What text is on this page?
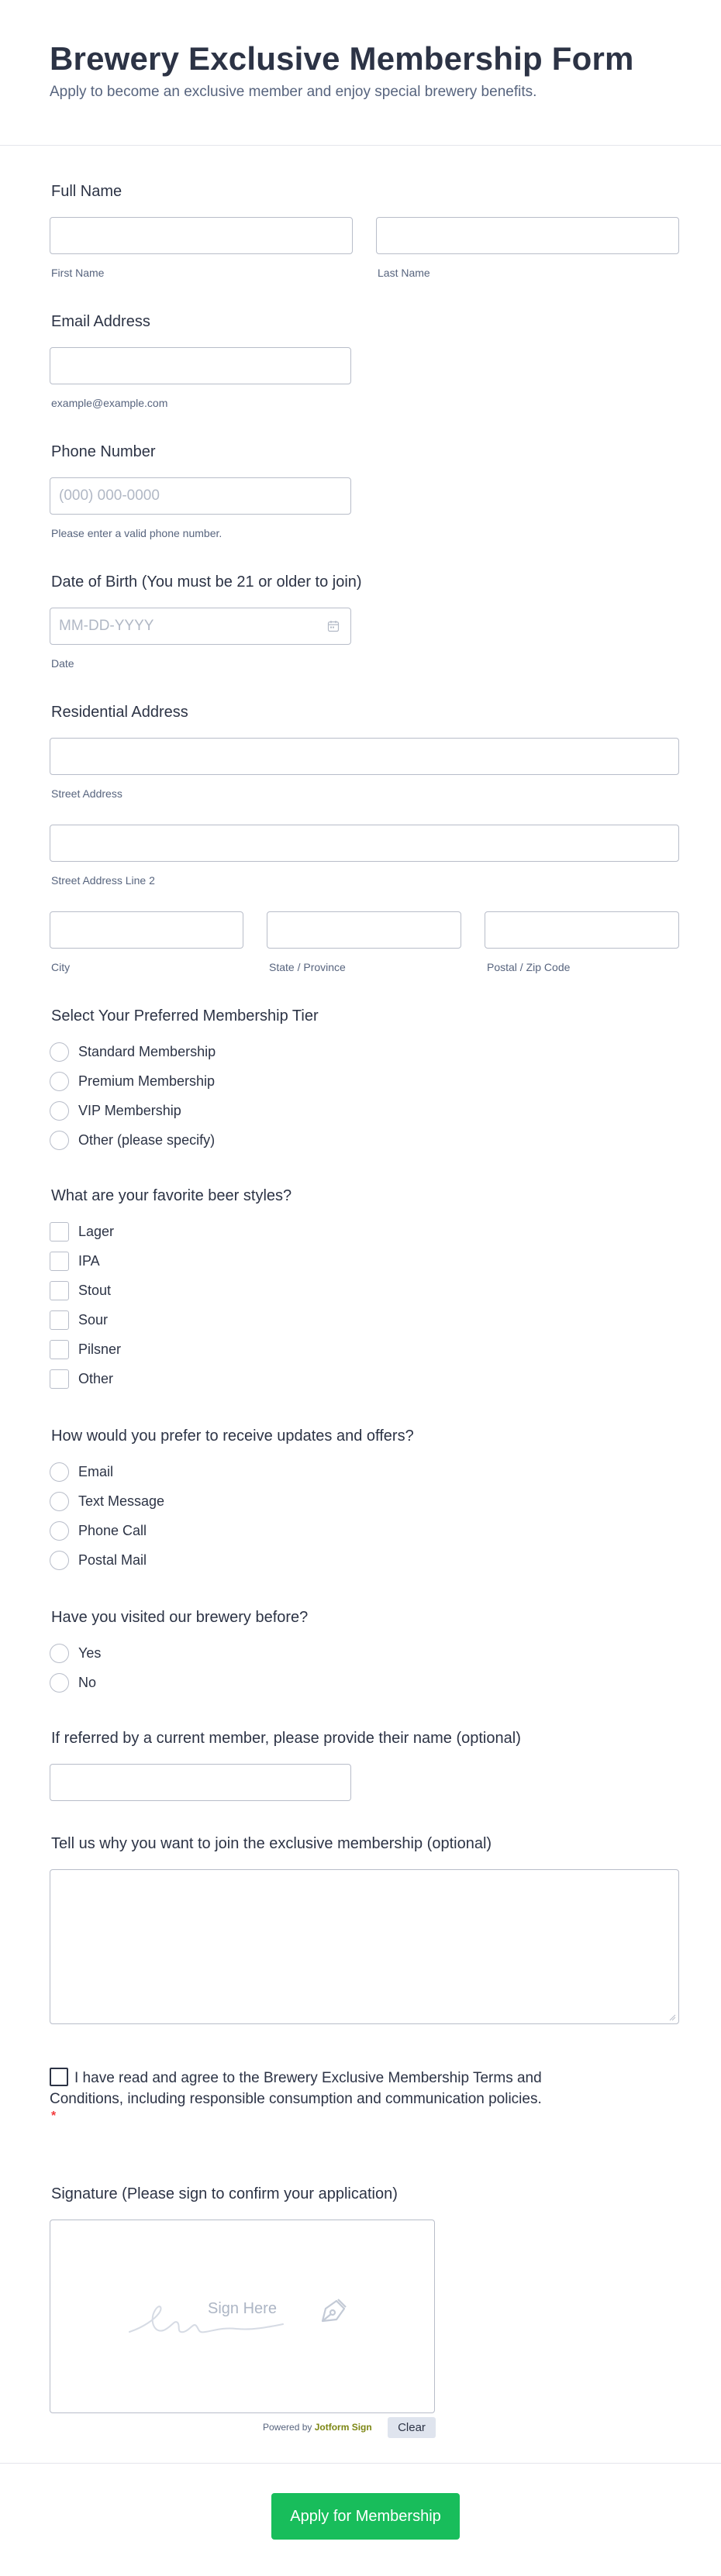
Brewery Exclusive Membership Form

Apply to become an exclusive member and enjoy special brewery benefits.

Full Name
First Name	Last Name
Email Address
example@example.com
Phone Number
(000) 000-0000
Please enter a valid phone number.
Date of Birth (You must be 21 or older to join)
MM-DD-YYYY
Date
Residential Address
Street Address
Street Address Line 2
City	State / Province	Postal / Zip Code
Select Your Preferred Membership Tier
Standard Membership
Premium Membership
VIP Membership
Other (please specify)
What are your favorite beer styles?
Lager
IPA
Stout
Sour
Pilsner
Other
How would you prefer to receive updates and offers?
Email
Text Message
Phone Call
Postal Mail
Have you visited our brewery before?
Yes
No
If referred by a current member, please provide their name (optional)
Tell us why you want to join the exclusive membership (optional)
I have read and agree to the Brewery Exclusive Membership Terms and Conditions, including responsible consumption and communication policies.
*
Signature (Please sign to confirm your application)
Sign Here
Powered by Jotform Sign	Clear
Apply for Membership
